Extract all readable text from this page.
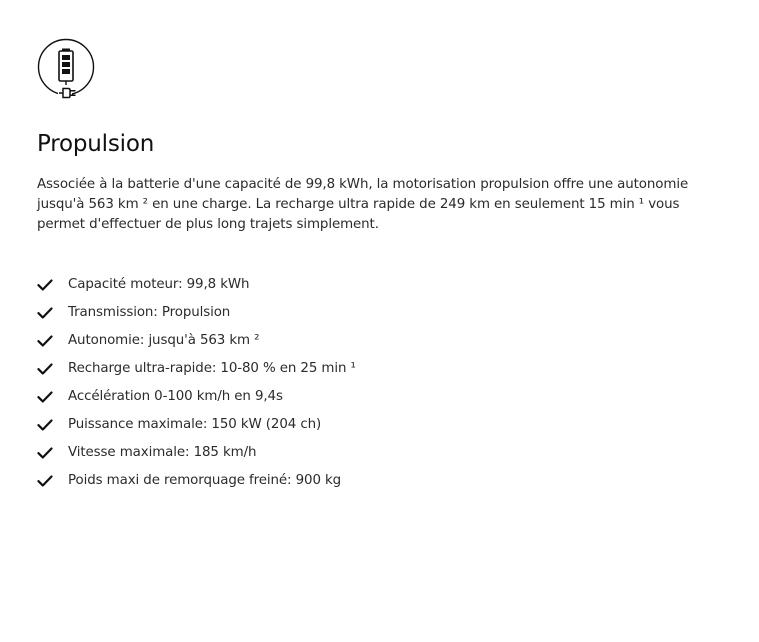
Propulsion

Associée à la batterie d'une capacité de 99,8 kWh, la motorisation propulsion offre une autonomie jusqu'à 563 km ² en une charge. La recharge ultra rapide de 249 km en seulement 15 min ¹ vous permet d'effectuer de plus long trajets simplement.

Capacité moteur: 99,8 kWh
Transmission: Propulsion
Autonomie: jusqu'à 563 km ²
Recharge ultra-rapide: 10-80 % en 25 min ¹
Accélération 0-100 km/h en 9,4s
Puissance maximale: 150 kW (204 ch)
Vitesse maximale: 185 km/h
Poids maxi de remorquage freiné: 900 kg
